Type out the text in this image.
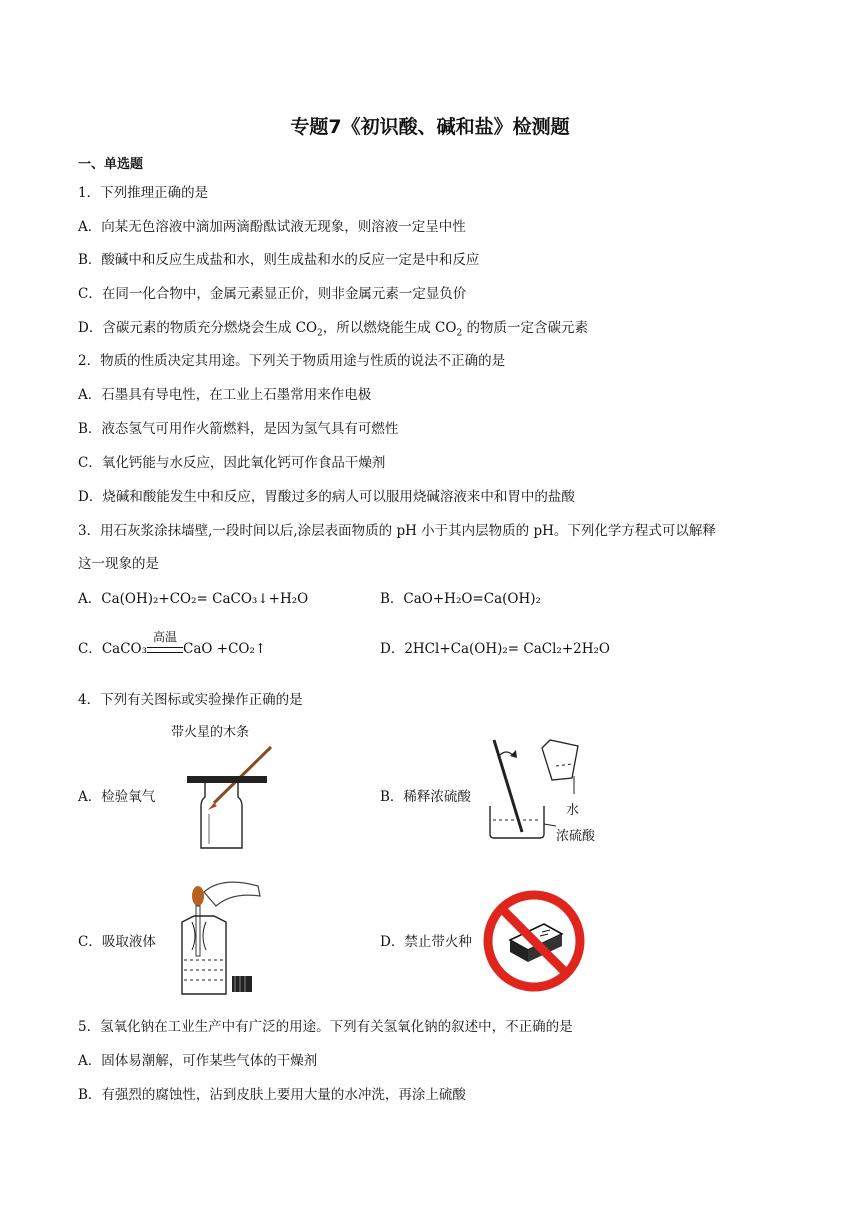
专题7《初识酸、碱和盐》检测题
一、单选题
1．下列推理正确的是
A．向某无色溶液中滴加两滴酚酞试液无现象，则溶液一定呈中性
B．酸碱中和反应生成盐和水，则生成盐和水的反应一定是中和反应
C．在同一化合物中，金属元素显正价，则非金属元素一定显负价
D．含碳元素的物质充分燃烧会生成 $CO_2$，所以燃烧能生成 $CO_2$ 的物质一定含碳元素
2．物质的性质决定其用途。下列关于物质用途与性质的说法不正确的是
A．石墨具有导电性，在工业上石墨常用来作电极
B．液态氢气可用作火箭燃料，是因为氢气具有可燃性
C．氧化钙能与水反应，因此氧化钙可作食品干燥剂
D．烧碱和酸能发生中和反应，胃酸过多的病人可以服用烧碱溶液来中和胃中的盐酸
3．用石灰浆涂抹墙壁,一段时间以后,涂层表面物质的 pH 小于其内层物质的 pH。下列化学方程式可以解释
这一现象的是
A．Ca(OH)₂+CO₂= CaCO₃↓+H₂O	B．CaO+H₂O=Ca(OH)₂
C．CaCO₃
高温
CaO +CO₂↑	D．2HCl+Ca(OH)₂= CaCl₂+2H₂O
4．下列有关图标或实验操作正确的是
A．检验氧气	B．稀释浓硫酸
带火星的木条
水
浓硫酸
C．吸取液体	D．禁止带火种
5．氢氧化钠在工业生产中有广泛的用途。下列有关氢氧化钠的叙述中，不正确的是
A．固体易潮解，可作某些气体的干燥剂
B．有强烈的腐蚀性，沾到皮肤上要用大量的水冲洗，再涂上硫酸
